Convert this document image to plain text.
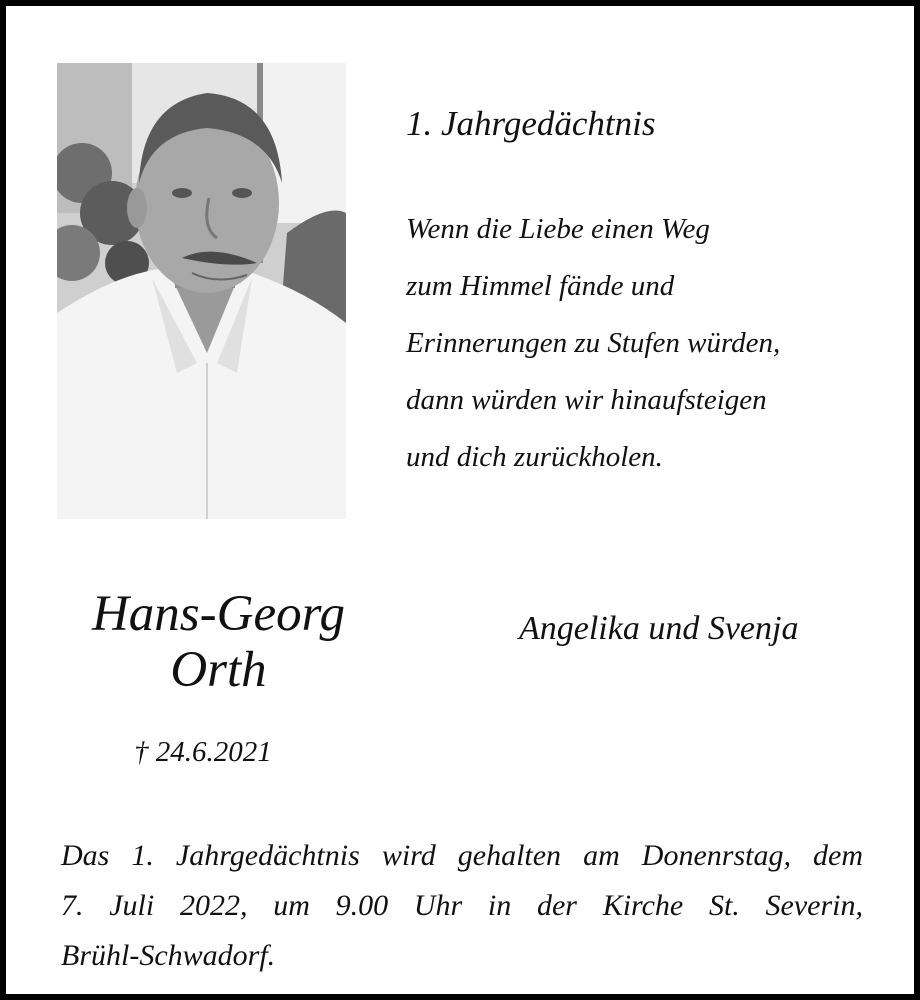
1. Jahrgedächtnis
Wenn die Liebe einen Weg
zum Himmel fände und
Erinnerungen zu Stufen würden,
dann würden wir hinaufsteigen
und dich zurückholen.
Hans-Georg
Orth
Angelika und Svenja
† 24.6.2021
Das 1. Jahrgedächtnis wird gehalten am Donenrstag, dem
7. Juli 2022, um 9.00 Uhr in der Kirche St. Severin,
Brühl-Schwadorf.
